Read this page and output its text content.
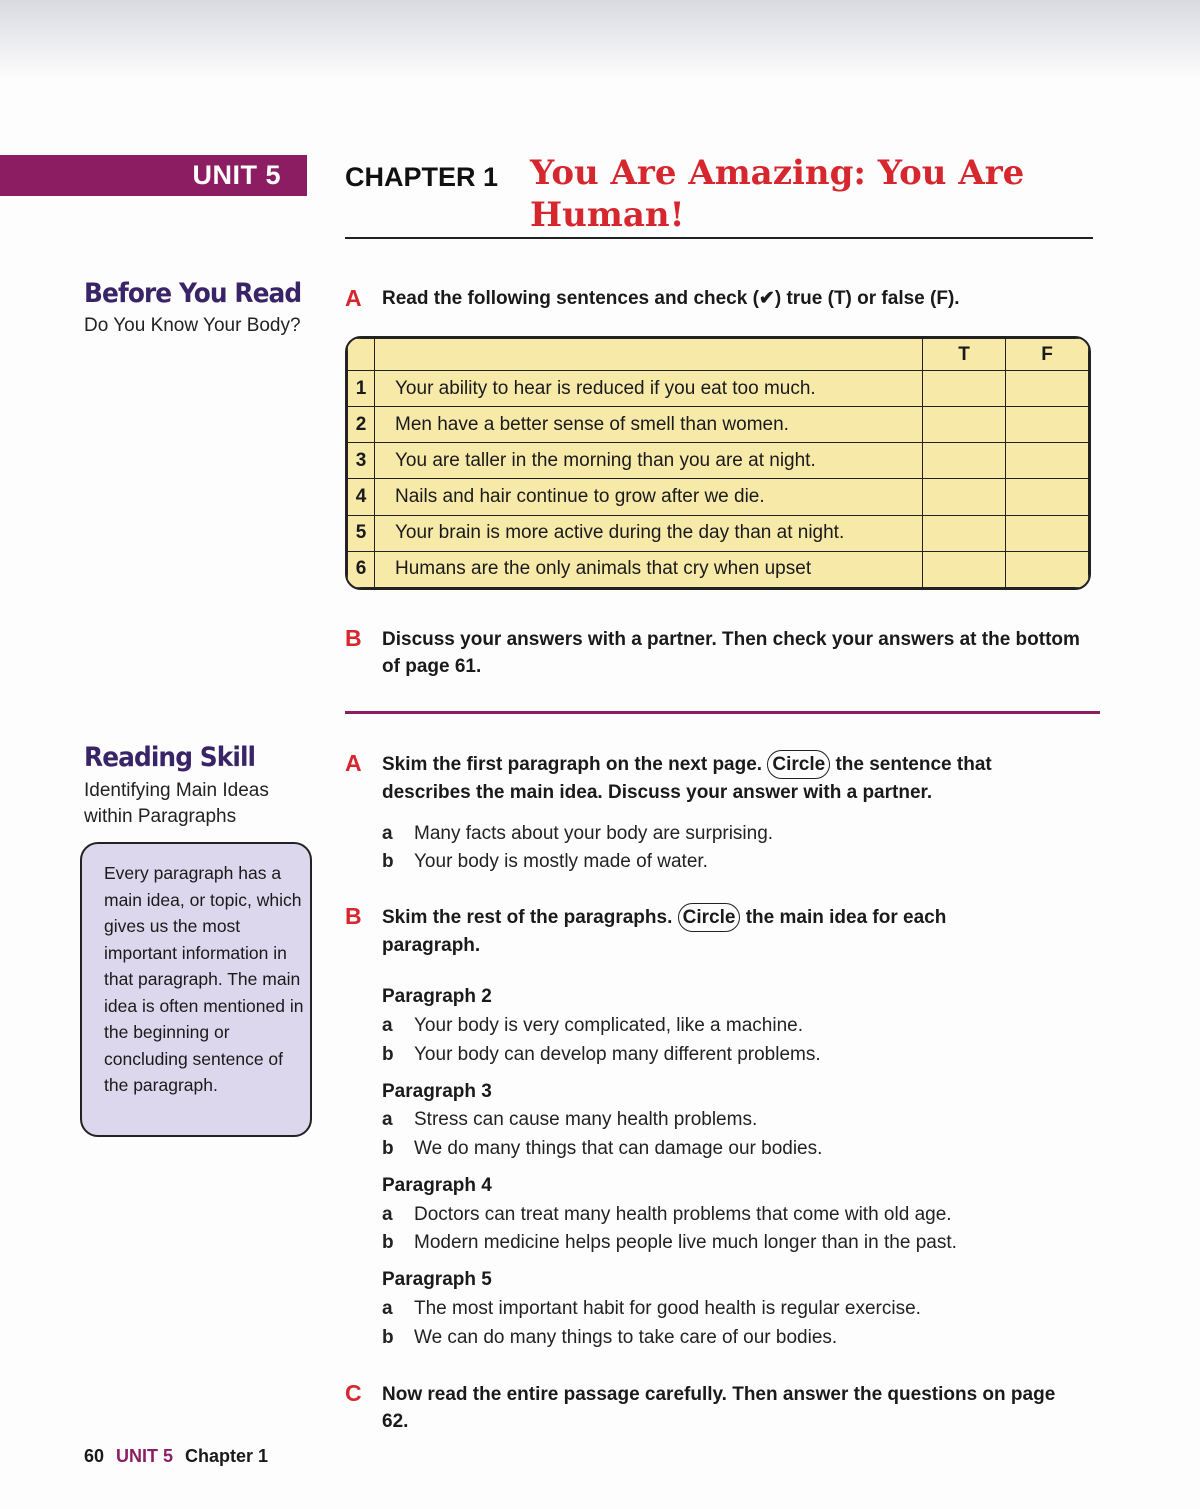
UNIT 5 CHAPTER 1 You Are Amazing: You Are Human!
Before You Read
Do You Know Your Body?
A Read the following sentences and check (✔) true (T) or false (F).
		T	F
1	Your ability to hear is reduced if you eat too much.		
2	Men have a better sense of smell than women.		
3	You are taller in the morning than you are at night.		
4	Nails and hair continue to grow after we die.		
5	Your brain is more active during the day than at night.		
6	Humans are the only animals that cry when upset		
B Discuss your answers with a partner. Then check your answers at the bottom of page 61.
Reading Skill
Identifying Main Ideas
within Paragraphs
Every paragraph has a main idea, or topic, which gives us the most important information in that paragraph. The main idea is often mentioned in the beginning or concluding sentence of the paragraph.
A Skim the first paragraph on the next page. Circle the sentence that describes the main idea. Discuss your answer with a partner.
a Many facts about your body are surprising.
b Your body is mostly made of water.
B Skim the rest of the paragraphs. Circle the main idea for each paragraph.
Paragraph 2
a Your body is very complicated, like a machine.
b Your body can develop many different problems.
Paragraph 3
a Stress can cause many health problems.
b We do many things that can damage our bodies.
Paragraph 4
a Doctors can treat many health problems that come with old age.
b Modern medicine helps people live much longer than in the past.
Paragraph 5
a The most important habit for good health is regular exercise.
b We can do many things to take care of our bodies.
C Now read the entire passage carefully. Then answer the questions on page 62.
60 UNIT 5 Chapter 1
